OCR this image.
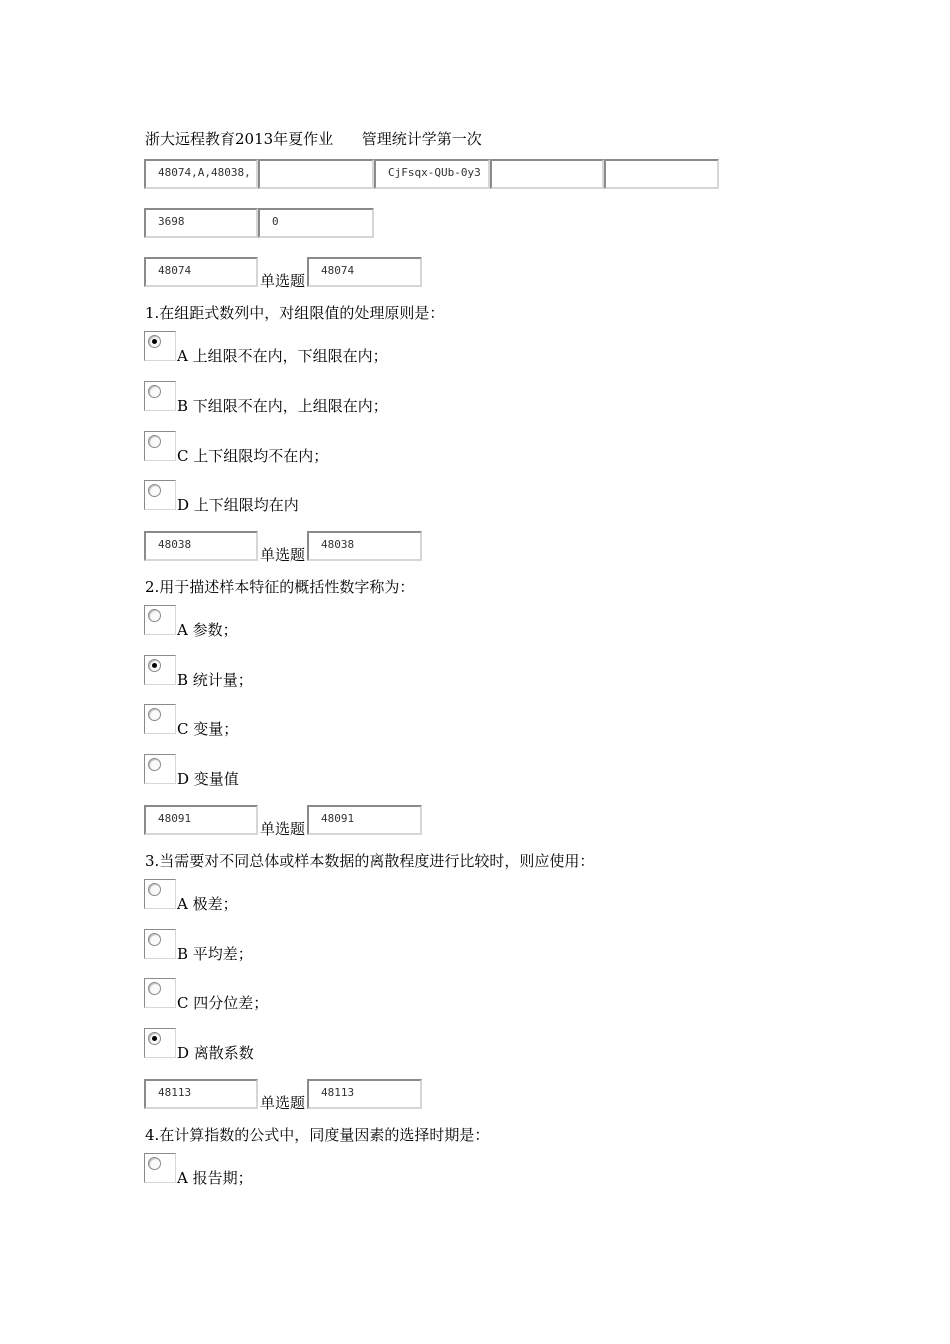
浙大远程教育2013年夏作业      管理统计学第一次
48074,A,48038,	CjFsqx-QUb-0y3
3698	0
48074
单选题
48074
1.在组距式数列中，对组限值的处理原则是：
A 上组限不在内，下组限在内；
B 下组限不在内，上组限在内；
C 上下组限均不在内；
D 上下组限均在内
48038
单选题
48038
2.用于描述样本特征的概括性数字称为：
A 参数；
B 统计量；
C 变量；
D 变量值
48091
单选题
48091
3.当需要对不同总体或样本数据的离散程度进行比较时，则应使用：
A 极差；
B 平均差；
C 四分位差；
D 离散系数
48113
单选题
48113
4.在计算指数的公式中，同度量因素的选择时期是：
A 报告期；
